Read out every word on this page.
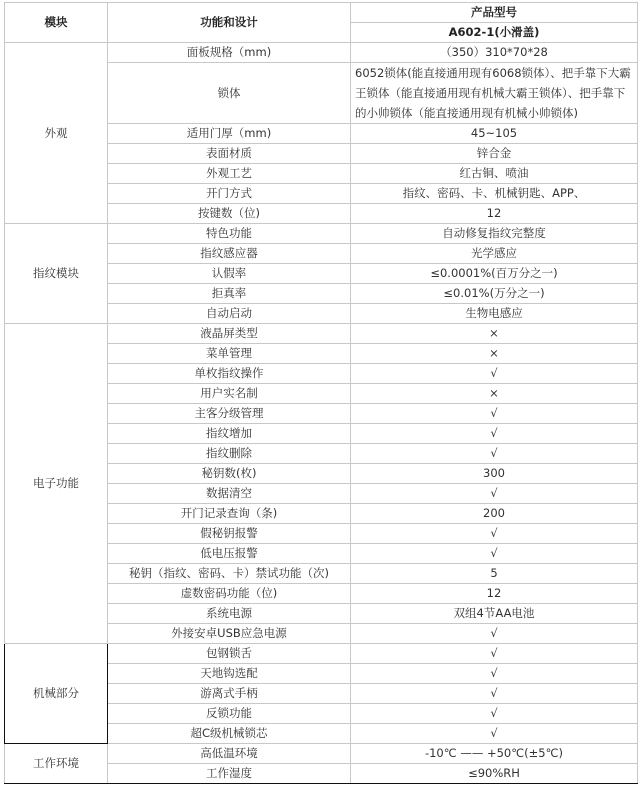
模块	功能和设计	产品型号
		A602-1(小滑盖)
外观	面板规格（mm)	（350）310*70*28
	锁体	6052锁体(能直接通用现有6068锁体）、把手靠下大霸王锁体（能直接通用现有机械大霸王锁体）、把手靠下的小帅锁体（能直接通用现有机械小帅锁体)
	适用门厚（mm)	45~105
	表面材质	锌合金
	外观工艺	红古铜、喷油
	开门方式	指纹、密码、卡、机械钥匙、APP、
	按键数（位)	12
指纹模块	特色功能	自动修复指纹完整度
	指纹感应器	光学感应
	认假率	≤0.0001%(百万分之一)
	拒真率	≤0.01%(万分之一)
	自动启动	生物电感应
电子功能	液晶屏类型	×
	菜单管理	×
	单枚指纹操作	√
	用户实名制	×
	主客分级管理	√
	指纹增加	√
	指纹删除	√
	秘钥数(枚)	300
	数据清空	√
	开门记录查询（条)	200
	假秘钥报警	√
	低电压报警	√
	秘钥（指纹、密码、卡）禁试功能（次)	5
	虚数密码功能（位)	12
	系统电源	双组4节AA电池
	外接安卓USB应急电源	√
机械部分	包钢锁舌	√
	天地钩选配	√
	游离式手柄	√
	反锁功能	√
	超C级机械锁芯	√
工作环境	高低温环境	-10℃ —— +50℃(±5℃)
	工作湿度	≤90%RH
